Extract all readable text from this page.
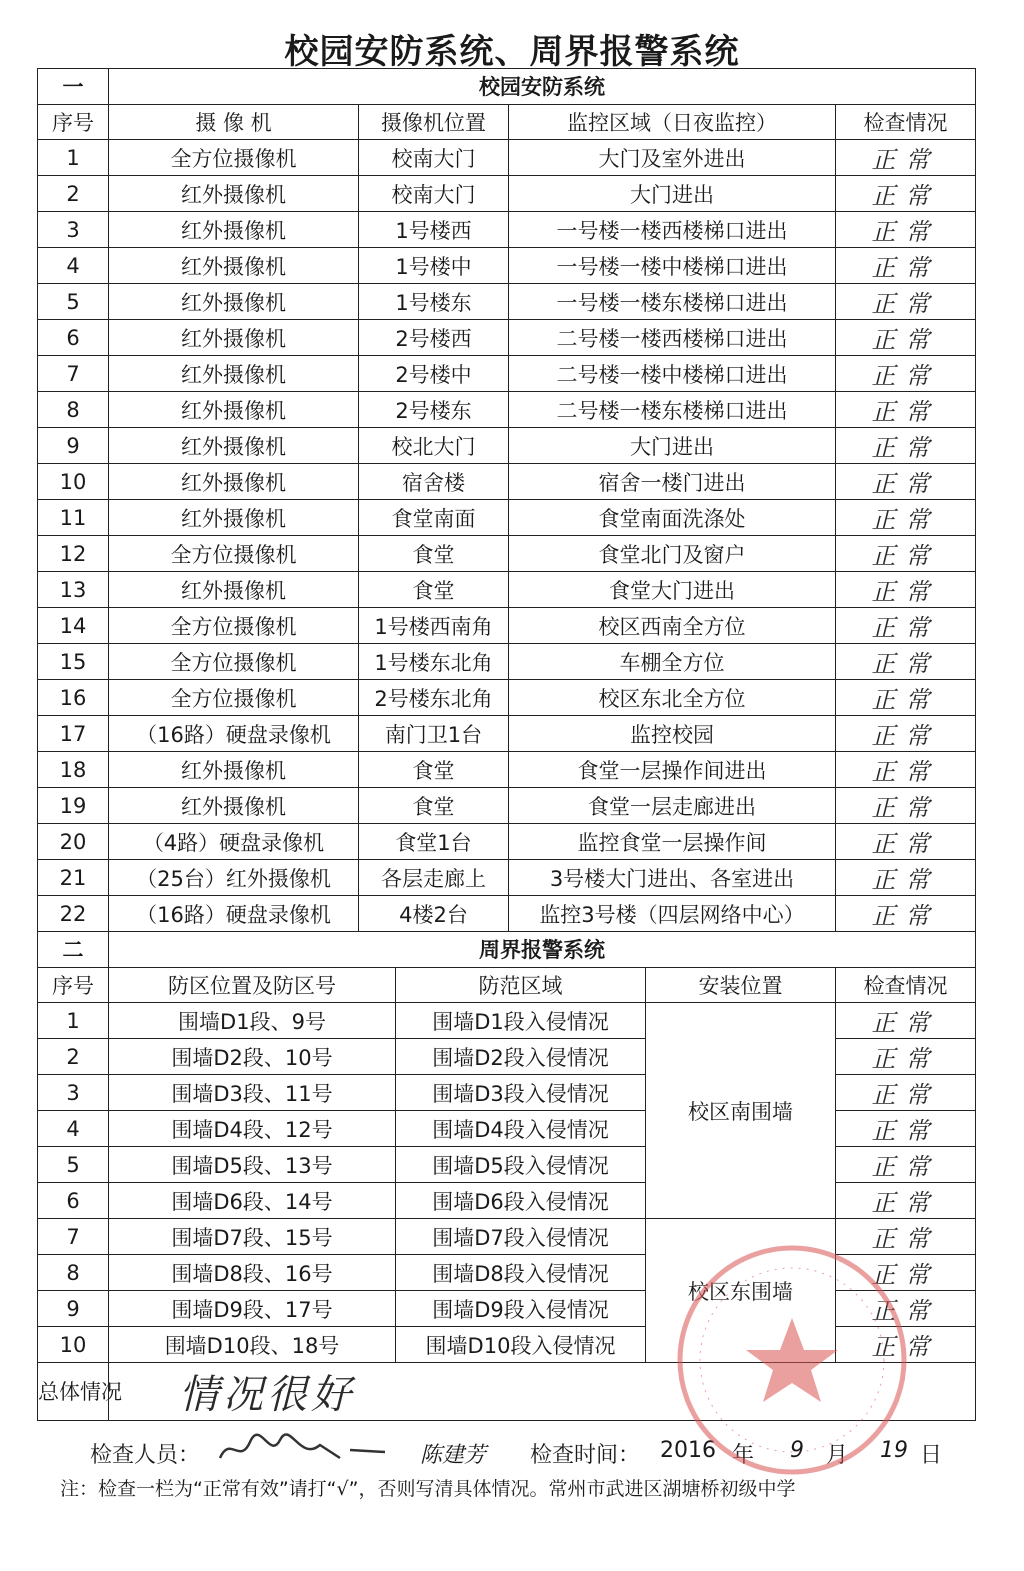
校园安防系统、周界报警系统
一	校园安防系统					
序号	摄 像 机	摄像机位置		监控区域（日夜监控）		检查情况
1	全方位摄像机	校南大门		大门及室外进出		正常
2	红外摄像机	校南大门		大门进出		正常
3	红外摄像机	1号楼西		一号楼一楼西楼梯口进出		正常
4	红外摄像机	1号楼中		一号楼一楼中楼梯口进出		正常
5	红外摄像机	1号楼东		一号楼一楼东楼梯口进出		正常
6	红外摄像机	2号楼西		二号楼一楼西楼梯口进出		正常
7	红外摄像机	2号楼中		二号楼一楼中楼梯口进出		正常
8	红外摄像机	2号楼东		二号楼一楼东楼梯口进出		正常
9	红外摄像机	校北大门		大门进出		正常
10	红外摄像机	宿舍楼		宿舍一楼门进出		正常
11	红外摄像机	食堂南面		食堂南面洗涤处		正常
12	全方位摄像机	食堂		食堂北门及窗户		正常
13	红外摄像机	食堂		食堂大门进出		正常
14	全方位摄像机	1号楼西南角		校区西南全方位		正常
15	全方位摄像机	1号楼东北角		车棚全方位		正常
16	全方位摄像机	2号楼东北角		校区东北全方位		正常
17	（16路）硬盘录像机	南门卫1台		监控校园		正常
18	红外摄像机	食堂		食堂一层操作间进出		正常
19	红外摄像机	食堂		食堂一层走廊进出		正常
20	（4路）硬盘录像机	食堂1台		监控食堂一层操作间		正常
21	（25台）红外摄像机	各层走廊上		3号楼大门进出、各室进出		正常
22	（16路）硬盘录像机	4楼2台		监控3号楼（四层网络中心）		正常
二	周界报警系统					
序号	防区位置及防区号		防范区域		安装位置	检查情况
1	围墙D1段、9号		围墙D1段入侵情况		校区南围墙	正常
2	围墙D2段、10号		围墙D2段入侵情况			正常
3	围墙D3段、11号		围墙D3段入侵情况			正常
4	围墙D4段、12号		围墙D4段入侵情况			正常
5	围墙D5段、13号		围墙D5段入侵情况			正常
6	围墙D6段、14号		围墙D6段入侵情况			正常
7	围墙D7段、15号		围墙D7段入侵情况		校区东围墙	正常
8	围墙D8段、16号		围墙D8段入侵情况			正常
9	围墙D9段、17号		围墙D9段入侵情况			正常
10	围墙D10段、18号		围墙D10段入侵情况			正常
总体情况	情况很好					
检查人员：	陈建芳 检查时间： 2016 年 9 月 19 日
注：检查一栏为“正常有效”请打“√”，否则写清具体情况。常州市武进区湖塘桥初级中学
